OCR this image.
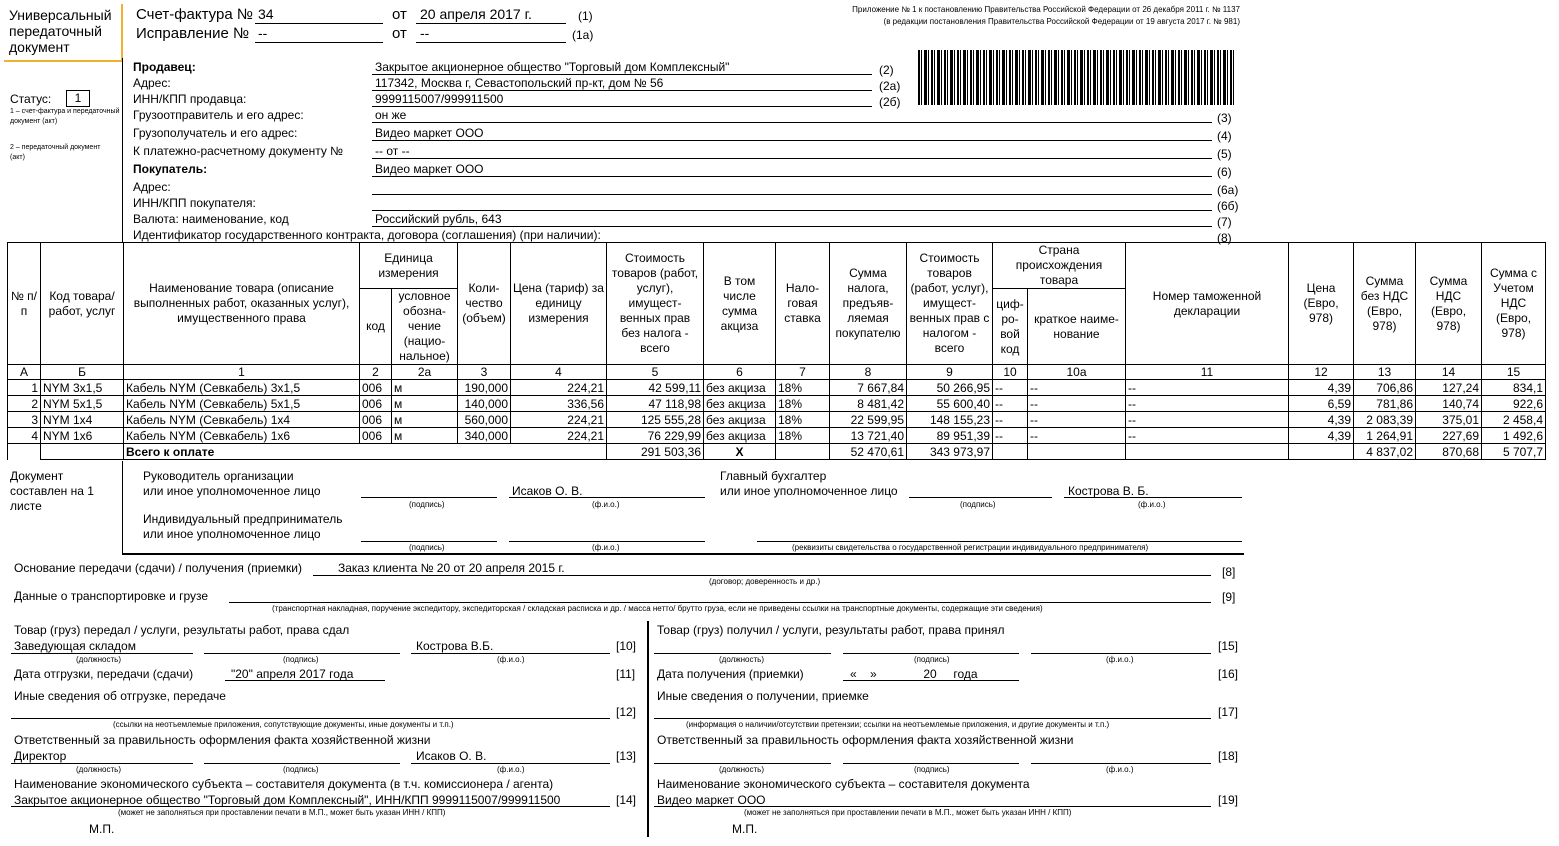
Универсальный передаточный документ
Счет-фактура № 34	от 20 апреля 2017 г.	(1)
Исправление № --	от --	(1а)
Приложение № 1 к постановлению Правительства Российской Федерации от 26 декабря 2011 г. № 1137
(в редакции постановления Правительства Российской Федерации от 19 августа 2017 г. № 981)
Статус:	1
1 – счет-фактура и передаточный документ (акт)
2 – передаточный документ (акт)
Продавец:	Закрытое акционерное общество "Торговый дом Комплексный"	(2)
Адрес:	117342, Москва г, Севастопольский пр-кт, дом № 56	(2а)
ИНН/КПП продавца:	9999115007/999911500	(2б)
Грузоотправитель и его адрес:	он же	(3)
Грузополучатель и его адрес:	Видео маркет ООО	(4)
К платежно-расчетному документу №	-- от --	(5)
Покупатель:	Видео маркет ООО	(6)
Адрес:	(6а)
ИНН/КПП покупателя:	(6б)
Валюта: наименование, код	Российский рубль, 643	(7)
Идентификатор государственного контракта, договора (соглашения) (при наличии):	(8)
№ п/п	Код товара/ работ, услуг	Наименование товара (описание выполненных работ, оказанных услуг), имущественного права	Единица измерения		Коли-чество (объем)	Цена (тариф) за единицу измерения	Стоимость товаров (работ, услуг), имущест-венных прав без налога - всего	В том числе сумма акциза	Нало-говая ставка	Сумма налога, предъяв-ляемая покупателю	Стоимость товаров (работ, услуг), имущест-венных прав с налогом - всего	Страна происхождения товара		Номер таможенной декларации	Цена (Евро, 978)	Сумма без НДС (Евро, 978)	Сумма НДС (Евро, 978)	Сумма с Учетом НДС (Евро, 978)
			код	условное обозна-чение (нацио-нальное)								циф-ро-вой код	краткое наиме-нование					
А	Б	1	2	2а	3	4	5	6	7	8	9	10	10а	11	12	13	14	15
1	NYM 3x1,5	Кабель NYM (Севкабель) 3х1,5	006	м	190,000	224,21	42 599,11	без акциза	18%	7 667,84	50 266,95	--	--	--	4,39	706,86	127,24	834,1
2	NYM 5x1,5	Кабель NYM (Севкабель) 5х1,5	006	м	140,000	336,56	47 118,98	без акциза	18%	8 481,42	55 600,40	--	--	--	6,59	781,86	140,74	922,6
3	NYM 1x4	Кабель NYM (Севкабель) 1х4	006	м	560,000	224,21	125 555,28	без акциза	18%	22 599,95	148 155,23	--	--	--	4,39	2 083,39	375,01	2 458,4
4	NYM 1x6	Кабель NYM (Севкабель) 1х6	006	м	340,000	224,21	76 229,99	без акциза	18%	13 721,40	89 951,39	--	--	--	4,39	1 264,91	227,69	1 492,6
		Всего к оплате					291 503,36	X		52 470,61	343 973,97					4 837,02	870,68	5 707,7
Документ составлен на 1 листе
Руководитель организации
или иное уполномоченное лицо
(подпись)
Исаков О. В.
(ф.и.о.)
Главный бухгалтер
или иное уполномоченное лицо
(подпись)
Кострова В. Б.
(ф.и.о.)
Индивидуальный предприниматель
или иное уполномоченное лицо
(подпись)	(ф.и.о.)	(реквизиты свидетельства о государственной регистрации индивидуального предпринимателя)
Основание передачи (сдачи) / получения (приемки)	Заказ клиента № 20 от 20 апреля 2015 г.	[8]
(договор; доверенность и др.)
Данные о транспортировке и грузе	[9]
(транспортная накладная, поручение экспедитору, экспедиторская / складская расписка и др. / масса нетто/ брутто груза, если не приведены ссылки на транспортные документы, содержащие эти сведения)
Товар (груз) передал / услуги, результаты работ, права сдал
Заведующая складом
(должность)	(подпись)
Кострова В.Б.
(ф.и.о.)
[10]
Дата отгрузки, передачи (сдачи)	"20" апреля 2017 года	[11]
Иные сведения об отгрузке, передаче
[12]
(ссылки на неотъемлемые приложения, сопутствующие документы, иные документы и т.п.)
Ответственный за правильность оформления факта хозяйственной жизни
Директор
(должность)	(подпись)
Исаков О. В.
(ф.и.о.)
[13]
Наименование экономического субъекта – составителя документа (в т.ч. комиссионера / агента)
Закрытое акционерное общество "Торговый дом Комплексный", ИНН/КПП 9999115007/999911500	[14]
(может не заполняться при проставлении печати в М.П., может быть указан ИНН / КПП)
М.П.
Товар (груз) получил / услуги, результаты работ, права принял
(должность)	(подпись)	(ф.и.о.)
[15]
Дата получения (приемки)	«    »              20     года	[16]
Иные сведения о получении, приемке
[17]
(информация о наличии/отсутствии претензии; ссылки на неотъемлемые приложения, и другие документы и т.п.)
Ответственный за правильность оформления факта хозяйственной жизни
(должность)	(подпись)	(ф.и.о.)
[18]
Наименование экономического субъекта – составителя документа
Видео маркет ООО	[19]
(может не заполняться при проставлении печати в М.П., может быть указан ИНН / КПП)
М.П.
